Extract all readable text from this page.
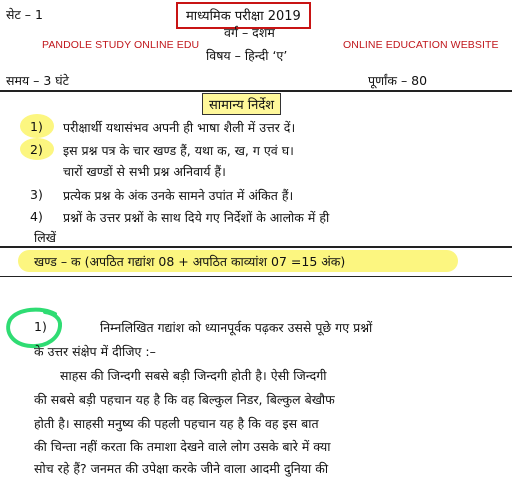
सेट – 1	माध्यमिक परीक्षा 2019
वर्ग – दशम
PANDOLE STUDY ONLINE EDU	ONLINE EDUCATION WEBSITE
विषय – हिन्दी ‘ए’
समय – 3 घंटे	पूर्णांक – 80
सामान्य निर्देश
1) परीक्षार्थी यथासंभव अपनी ही भाषा शैली में उत्तर दें।
2) इस प्रश्न पत्र के चार खण्ड हैं, यथा क, ख, ग एवं घ।
चारों खण्डों से सभी प्रश्न अनिवार्य हैं।
3) प्रत्येक प्रश्न के अंक उनके सामने उपांत में अंकित हैं।
4) प्रश्नों के उत्तर प्रश्नों के साथ दिये गए निर्देशों के आलोक में ही
लिखें
खण्ड – क (अपठित गद्यांश 08 + अपठित काव्यांश 07 =15 अंक)
1)	निम्नलिखित गद्यांश को ध्यानपूर्वक पढ़कर उससे पूछे गए प्रश्नों
के उत्तर संक्षेप में दीजिए :–
साहस की जिन्दगी सबसे बड़ी जिन्दगी होती है। ऐसी जिन्दगी
की सबसे बड़ी पहचान यह है कि वह बिल्कुल निडर, बिल्कुल बेखौफ
होती है। साहसी मनुष्य की पहली पहचान यह है कि वह इस बात
की चिन्ता नहीं करता कि तमाशा देखने वाले लोग उसके बारे में क्या
सोच रहे हैं? जनमत की उपेक्षा करके जीने वाला आदमी दुनिया की
